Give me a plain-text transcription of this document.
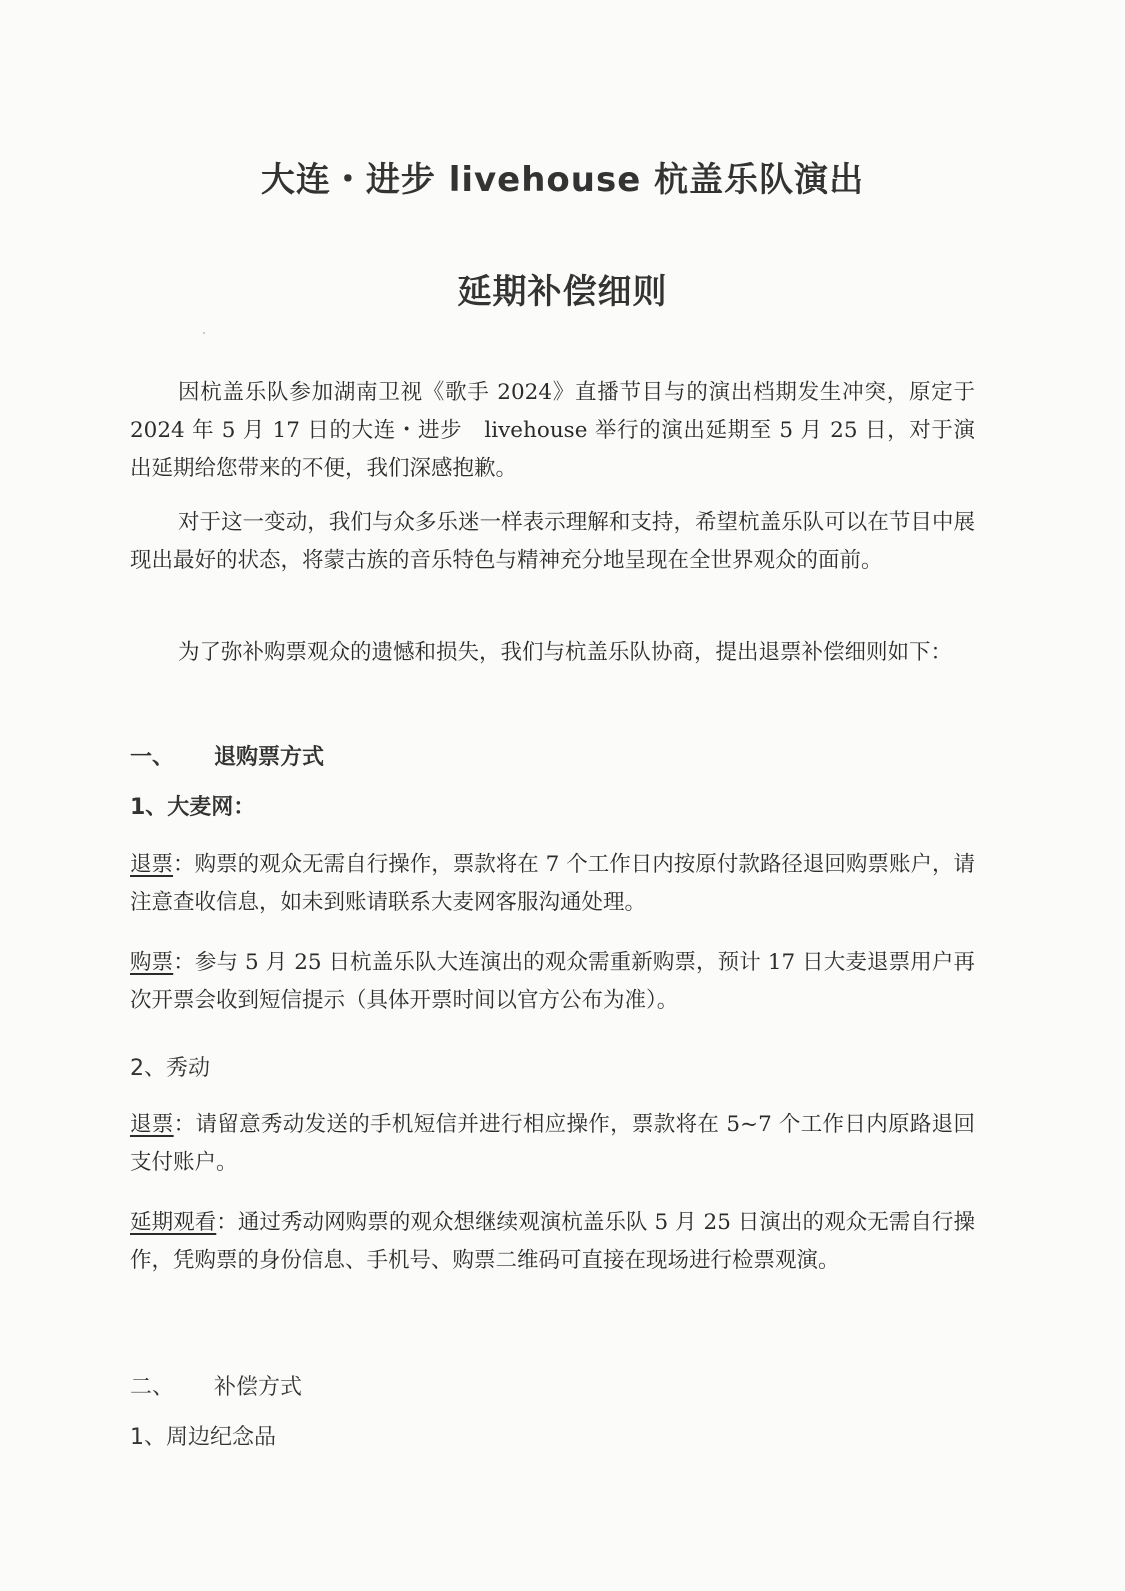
大连・进步 livehouse 杭盖乐队演出
延期补偿细则
因杭盖乐队参加湖南卫视《歌手 2024》直播节目与的演出档期发生冲突，原定于 2024 年 5 月 17 日的大连・进步　livehouse 举行的演出延期至 5 月 25 日，对于演出延期给您带来的不便，我们深感抱歉。
对于这一变动，我们与众多乐迷一样表示理解和支持，希望杭盖乐队可以在节目中展现出最好的状态，将蒙古族的音乐特色与精神充分地呈现在全世界观众的面前。
为了弥补购票观众的遗憾和损失，我们与杭盖乐队协商，提出退票补偿细则如下：
一、 退购票方式
1、大麦网：
退票：购票的观众无需自行操作，票款将在 7 个工作日内按原付款路径退回购票账户，请注意查收信息，如未到账请联系大麦网客服沟通处理。
购票：参与 5 月 25 日杭盖乐队大连演出的观众需重新购票，预计 17 日大麦退票用户再次开票会收到短信提示（具体开票时间以官方公布为准）。
2、秀动
退票：请留意秀动发送的手机短信并进行相应操作，票款将在 5~7 个工作日内原路退回支付账户。
延期观看：通过秀动网购票的观众想继续观演杭盖乐队 5 月 25 日演出的观众无需自行操作，凭购票的身份信息、手机号、购票二维码可直接在现场进行检票观演。
二、 补偿方式
1、周边纪念品
